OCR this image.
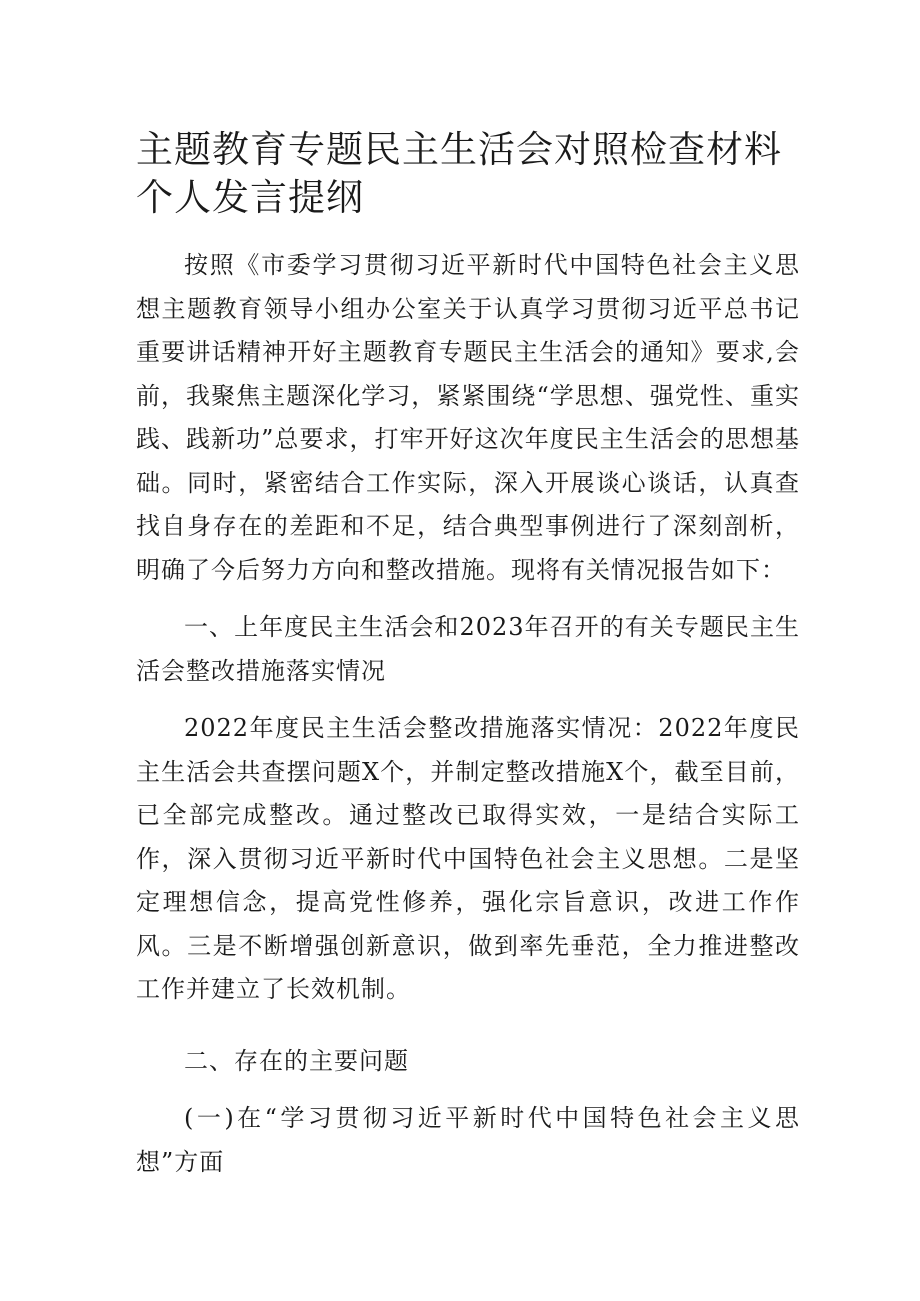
主题教育专题民主生活会对照检查材料个人发言提纲

按照《市委学习贯彻习近平新时代中国特色社会主义思想主题教育领导小组办公室关于认真学习贯彻习近平总书记重要讲话精神开好主题教育专题民主生活会的通知》要求,会前，我聚焦主题深化学习，紧紧围绕“学思想、强党性、重实践、践新功”总要求，打牢开好这次年度民主生活会的思想基础。同时，紧密结合工作实际，深入开展谈心谈话，认真查找自身存在的差距和不足，结合典型事例进行了深刻剖析，明确了今后努力方向和整改措施。现将有关情况报告如下：

一、上年度民主生活会和2023年召开的有关专题民主生活会整改措施落实情况

2022年度民主生活会整改措施落实情况：2022年度民主生活会共查摆问题X个，并制定整改措施X个，截至目前，已全部完成整改。通过整改已取得实效，一是结合实际工作，深入贯彻习近平新时代中国特色社会主义思想。二是坚定理想信念，提高党性修养，强化宗旨意识，改进工作作风。三是不断增强创新意识，做到率先垂范，全力推进整改工作并建立了长效机制。

二、存在的主要问题

(一)在“学习贯彻习近平新时代中国特色社会主义思想”方面
